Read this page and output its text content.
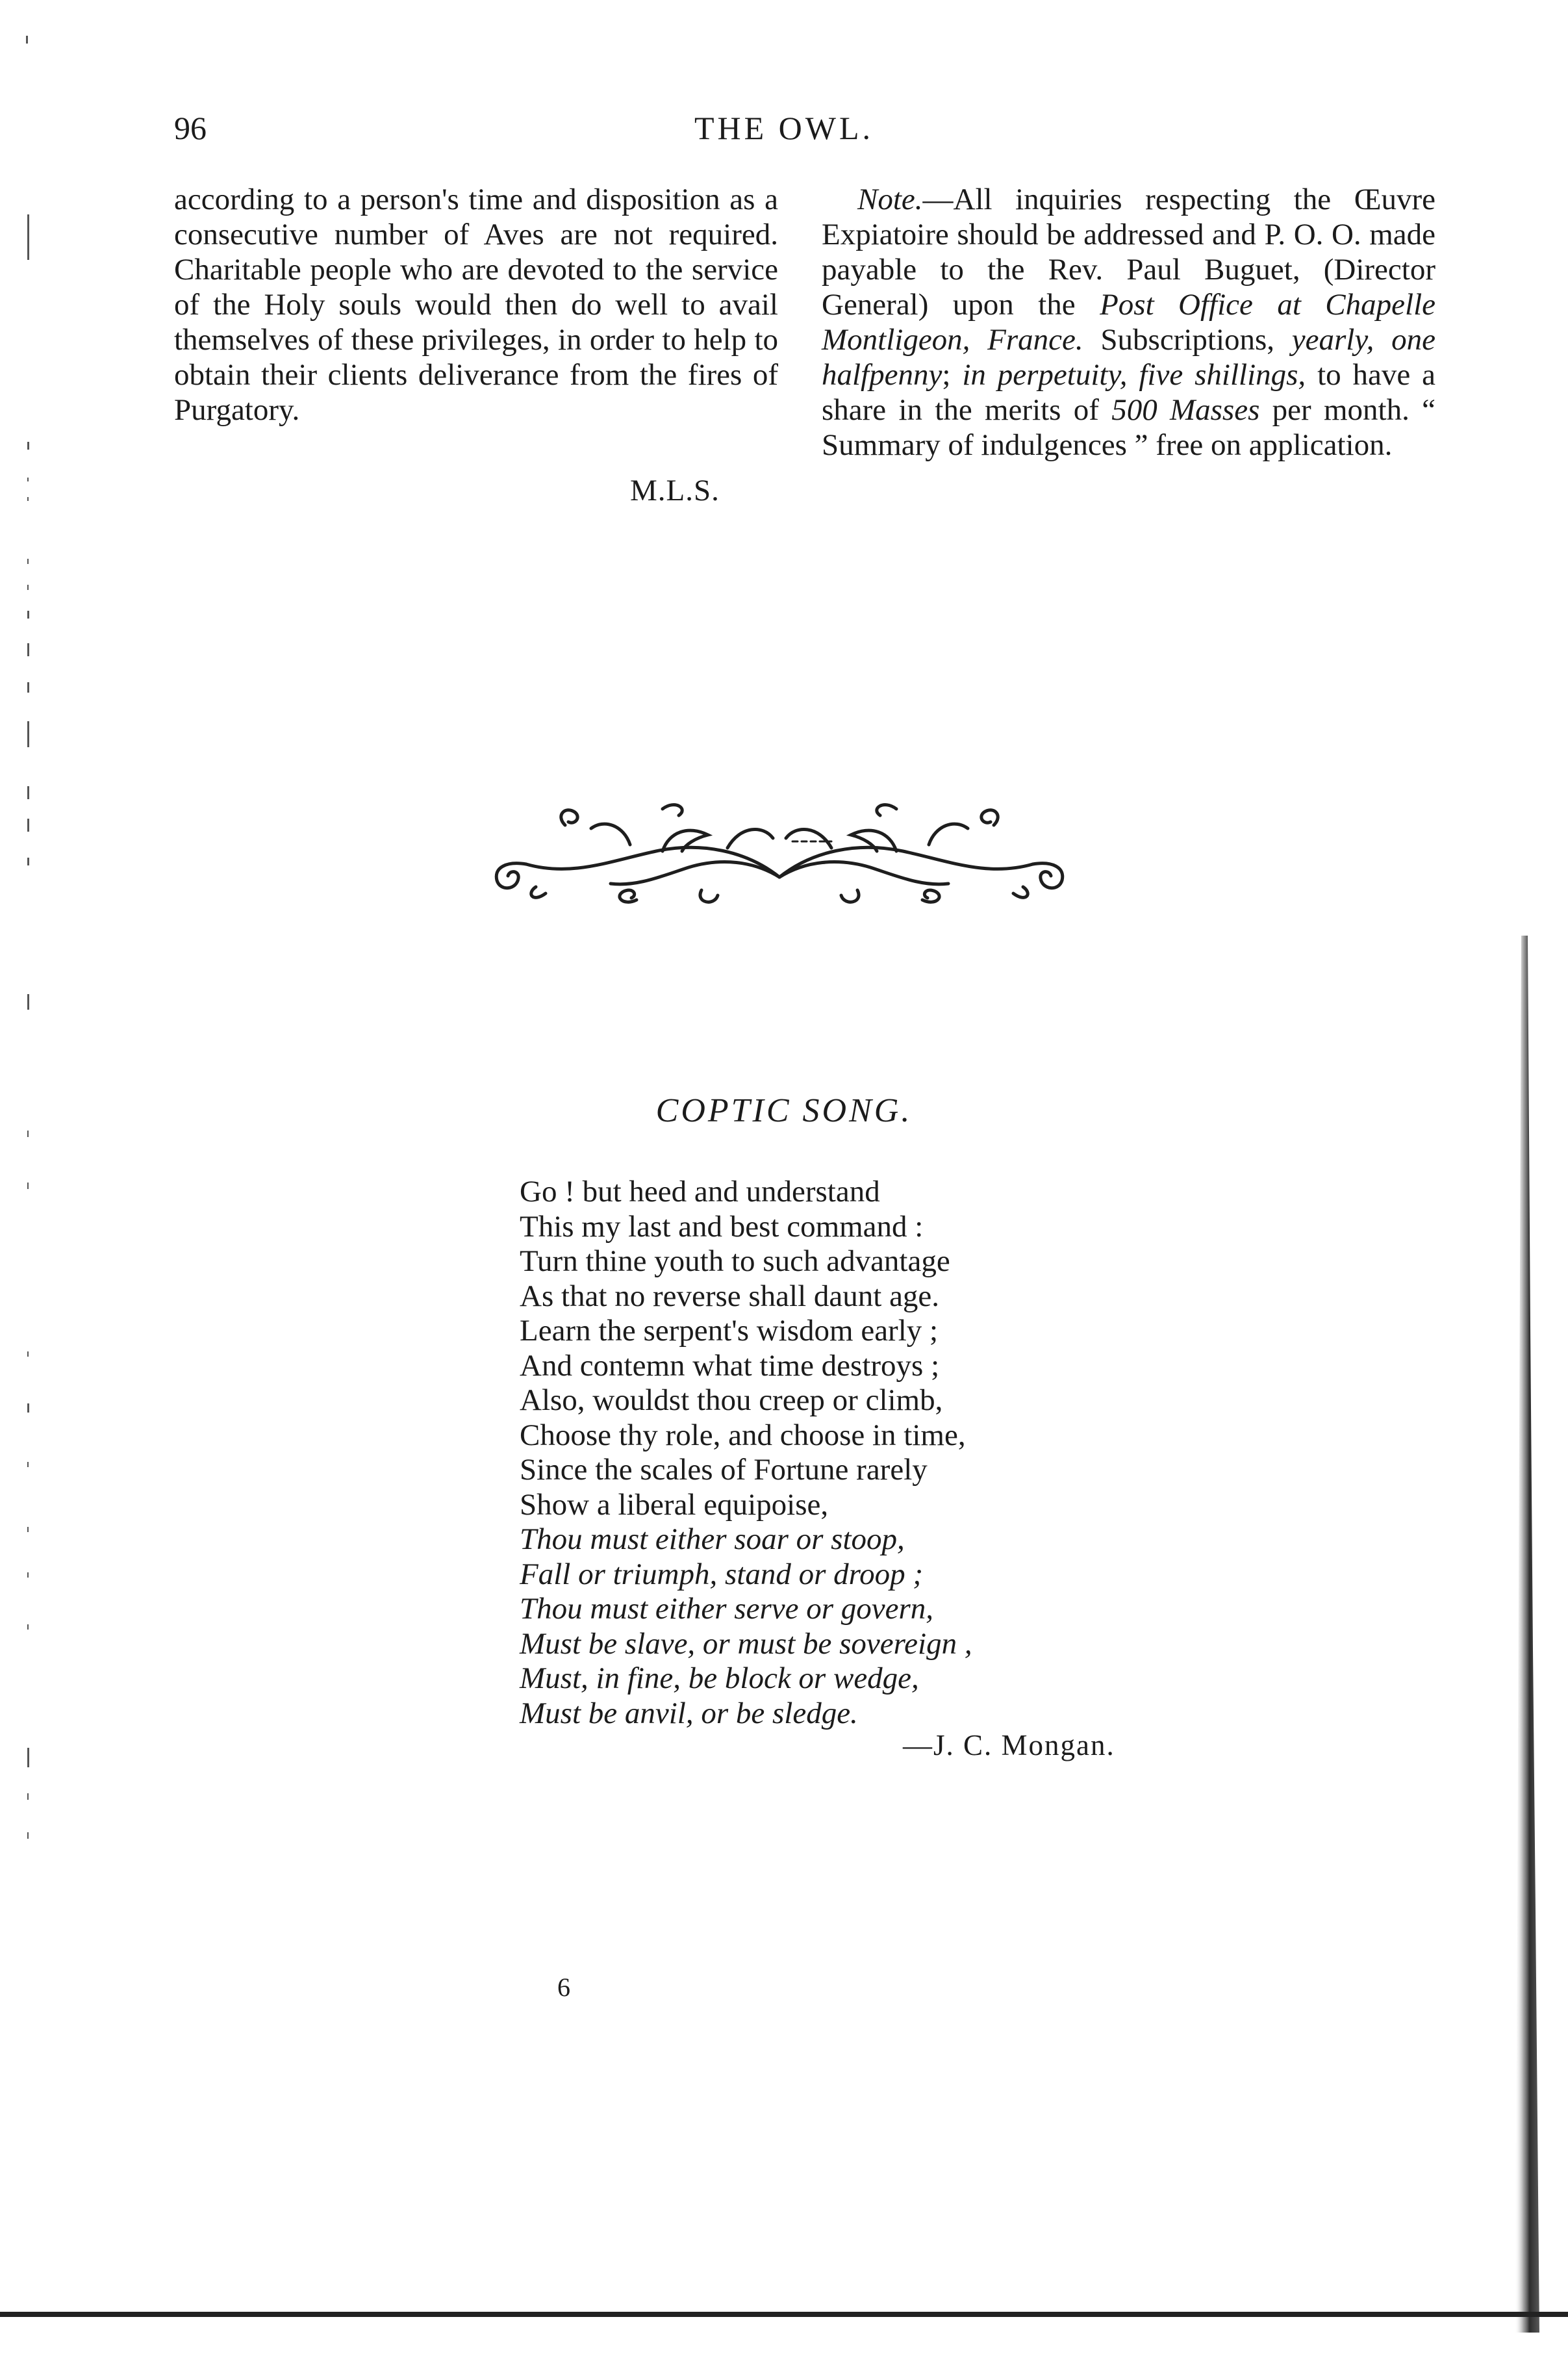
96	THE OWL.

according to a person's time and disposition as a consecutive number of Aves are not required. Charitable people who are devoted to the service of the Holy souls would then do well to avail themselves of these privileges, in order to help to obtain their clients deliverance from the fires of Purgatory.

M.L.S.

Note.—All inquiries respecting the Œuvre Expiatoire should be addressed and P. O. O. made payable to the Rev. Paul Buguet, (Director General) upon the Post Office at Chapelle Montligeon, France. Subscriptions, yearly, one halfpenny; in perpetuity, five shillings, to have a share in the merits of 500 Masses per month. “ Summary of indulgences ” free on application.

COPTIC SONG.
Go ! but heed and understand
This my last and best command :
Turn thine youth to such advantage
As that no reverse shall daunt age.
Learn the serpent's wisdom early ;
And contemn what time destroys ;
Also, wouldst thou creep or climb,
Choose thy role, and choose in time,
Since the scales of Fortune rarely
Show a liberal equipoise,
Thou must either soar or stoop,
Fall or triumph, stand or droop ;
Thou must either serve or govern,
Must be slave, or must be sovereign ,
Must, in fine, be block or wedge,
Must be anvil, or be sledge.
—J. C. Mongan.
6
